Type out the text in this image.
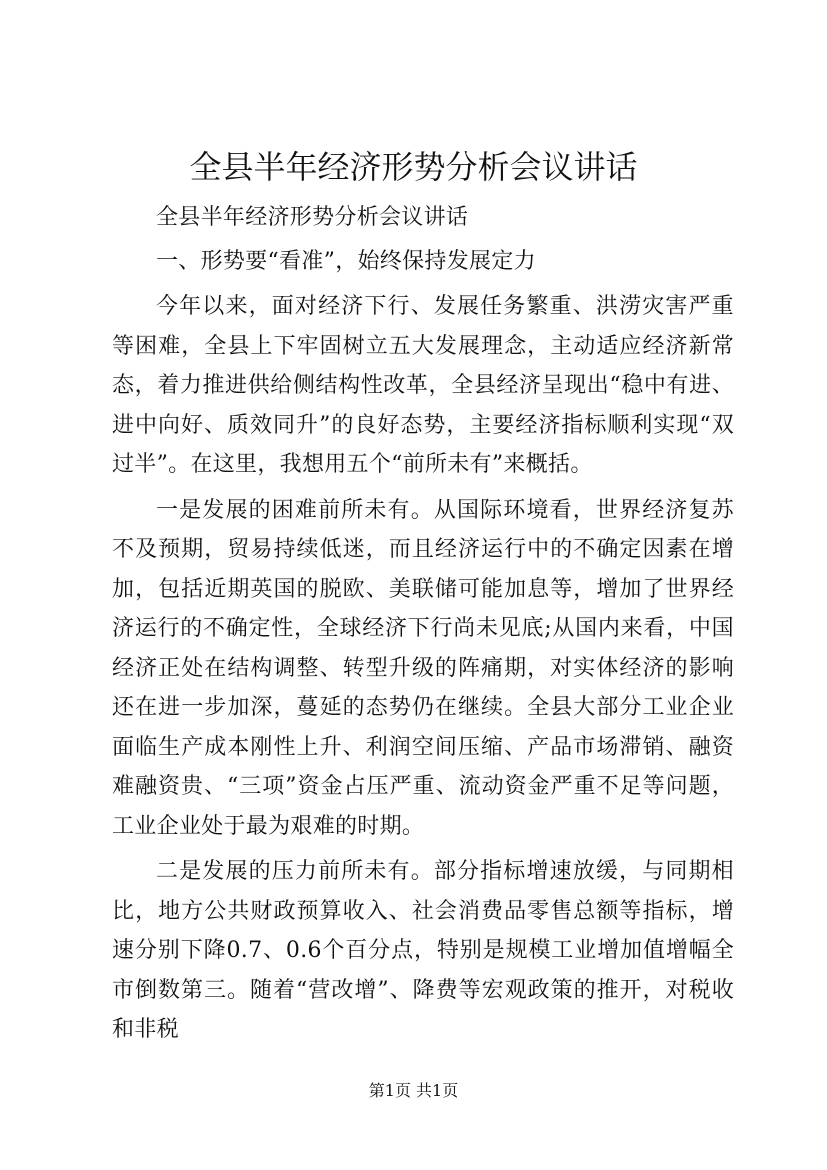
全县半年经济形势分析会议讲话

全县半年经济形势分析会议讲话

一、形势要“看准”，始终保持发展定力

今年以来，面对经济下行、发展任务繁重、洪涝灾害严重等困难，全县上下牢固树立五大发展理念，主动适应经济新常态，着力推进供给侧结构性改革，全县经济呈现出“稳中有进、进中向好、质效同升”的良好态势，主要经济指标顺利实现“双过半”。在这里，我想用五个“前所未有”来概括。

一是发展的困难前所未有。从国际环境看，世界经济复苏不及预期，贸易持续低迷，而且经济运行中的不确定因素在增加，包括近期英国的脱欧、美联储可能加息等，增加了世界经济运行的不确定性，全球经济下行尚未见底;从国内来看，中国经济正处在结构调整、转型升级的阵痛期，对实体经济的影响还在进一步加深，蔓延的态势仍在继续。全县大部分工业企业面临生产成本刚性上升、利润空间压缩、产品市场滞销、融资难融资贵、“三项”资金占压严重、流动资金严重不足等问题，工业企业处于最为艰难的时期。

二是发展的压力前所未有。部分指标增速放缓，与同期相比，地方公共财政预算收入、社会消费品零售总额等指标，增速分别下降0.7、0.6个百分点，特别是规模工业增加值增幅全市倒数第三。随着“营改增”、降费等宏观政策的推开，对税收和非税

第1页 共1页
